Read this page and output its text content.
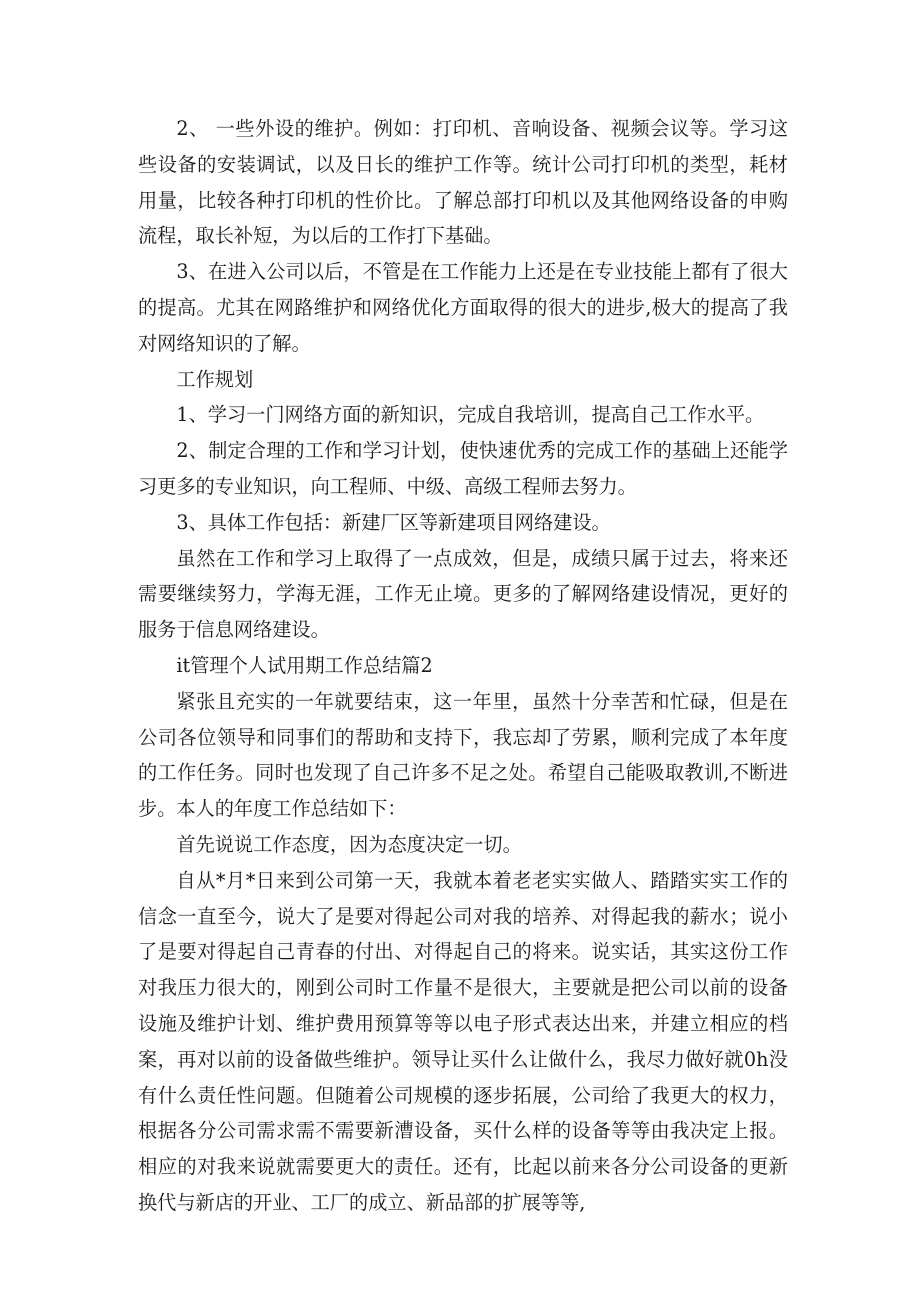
2、 一些外设的维护。例如：打印机、音响设备、视频会议等。学习这些设备的安装调试，以及日长的维护工作等。统计公司打印机的类型，耗材用量，比较各种打印机的性价比。了解总部打印机以及其他网络设备的申购流程，取长补短，为以后的工作打下基础。

3、在进入公司以后，不管是在工作能力上还是在专业技能上都有了很大的提高。尤其在网路维护和网络优化方面取得的很大的进步,极大的提高了我对网络知识的了解。

工作规划

1、学习一门网络方面的新知识，完成自我培训，提高自己工作水平。

2、制定合理的工作和学习计划，使快速优秀的完成工作的基础上还能学习更多的专业知识，向工程师、中级、高级工程师去努力。

3、具体工作包括：新建厂区等新建项目网络建设。

虽然在工作和学习上取得了一点成效，但是，成绩只属于过去，将来还需要继续努力，学海无涯，工作无止境。更多的了解网络建设情况，更好的服务于信息网络建设。

it管理个人试用期工作总结篇2

紧张且充实的一年就要结束，这一年里，虽然十分幸苦和忙碌，但是在公司各位领导和同事们的帮助和支持下，我忘却了劳累，顺利完成了本年度的工作任务。同时也发现了自己许多不足之处。希望自己能吸取教训,不断进步。本人的年度工作总结如下：

首先说说工作态度，因为态度决定一切。

自从*月*日来到公司第一天，我就本着老老实实做人、踏踏实实工作的信念一直至今，说大了是要对得起公司对我的培养、对得起我的薪水；说小了是要对得起自己青春的付出、对得起自己的将来。说实话，其实这份工作对我压力很大的，刚到公司时工作量不是很大，主要就是把公司以前的设备设施及维护计划、维护费用预算等等以电子形式表达出来，并建立相应的档案，再对以前的设备做些维护。领导让买什么让做什么，我尽力做好就0h没有什么责任性问题。但随着公司规模的逐步拓展，公司给了我更大的权力，根据各分公司需求需不需要新漕设备，买什么样的设备等等由我决定上报。相应的对我来说就需要更大的责任。还有，比起以前来各分公司设备的更新换代与新店的开业、工厂的成立、新品部的扩展等等,
